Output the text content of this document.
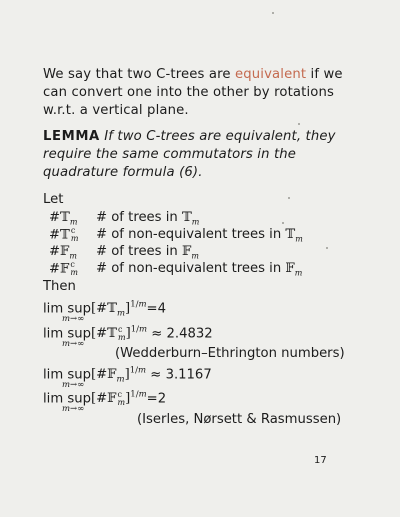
We say that two C-trees are equivalent if we can convert one into the other by rotations w.r.t. a vertical plane.
LEMMA If two C-trees are equivalent, they require the same commutators in the quadrature formula (6).
Let
#𝕋$_m$ # of trees in 𝕋$_m$
#𝕋c
m # of non-equivalent trees in 𝕋$_m$
#𝔽$_m$ # of trees in 𝔽$_m$
#𝔽c
m # of non-equivalent trees in 𝔽$_m$
Then
lim sup[#𝕋$_m$]$^{1/m}$=4
m→∞
lim sup[#𝕋c
m]$^{1/m}$ ≈ 2.4832
m→∞
(Wedderburn–Ethrington numbers)
lim sup[#𝔽$_m$]$^{1/m}$ ≈ 3.1167
m→∞
lim sup[#𝔽c
m]$^{1/m}$=2
m→∞
(Iserles, Nørsett & Rasmussen)
17
